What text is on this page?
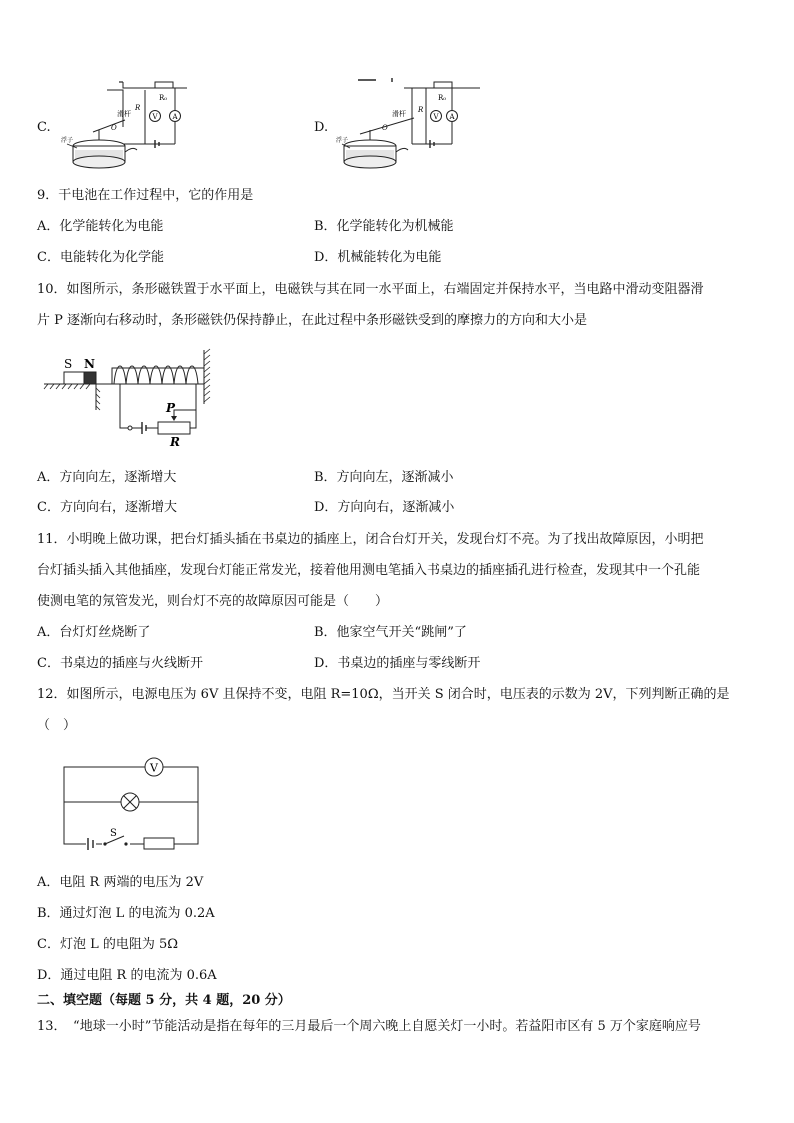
R₀
V A
滑杆
R
O
浮子
C.
R₀
V A
滑杆 R
O
浮子
D.
9．干电池在工作过程中，它的作用是
A．化学能转化为电能	B．化学能转化为机械能
C．电能转化为化学能	D．机械能转化为电能
10．如图所示，条形磁铁置于水平面上，电磁铁与其在同一水平面上，右端固定并保持水平，当电路中滑动变阻器滑
片 P 逐渐向右移动时，条形磁铁仍保持静止，在此过程中条形磁铁受到的摩擦力的方向和大小是
S N
P
R
A．方向向左，逐渐增大	B．方向向左，逐渐减小
C．方向向右，逐渐增大	D．方向向右，逐渐减小
11．小明晚上做功课，把台灯插头插在书桌边的插座上，闭合台灯开关，发现台灯不亮。为了找出故障原因，小明把
台灯插头插入其他插座，发现台灯能正常发光，接着他用测电笔插入书桌边的插座插孔进行检查，发现其中一个孔能
使测电笔的氖管发光，则台灯不亮的故障原因可能是（　　）
A．台灯灯丝烧断了	B．他家空气开关“跳闸”了
C．书桌边的插座与火线断开	D．书桌边的插座与零线断开
12．如图所示，电源电压为 6V 且保持不变，电阻 R=10Ω，当开关 S 闭合时，电压表的示数为 2V，下列判断正确的是
（　）
V
S
A．电阻 R 两端的电压为 2V
B．通过灯泡 L 的电流为 0.2A
C．灯泡 L 的电阻为 5Ω
D．通过电阻 R 的电流为 0.6A
二、填空题（每题 5 分，共 4 题，20 分）
13．　“地球一小时”节能活动是指在每年的三月最后一个周六晚上自愿关灯一小时。若益阳市区有 5 万个家庭响应号
